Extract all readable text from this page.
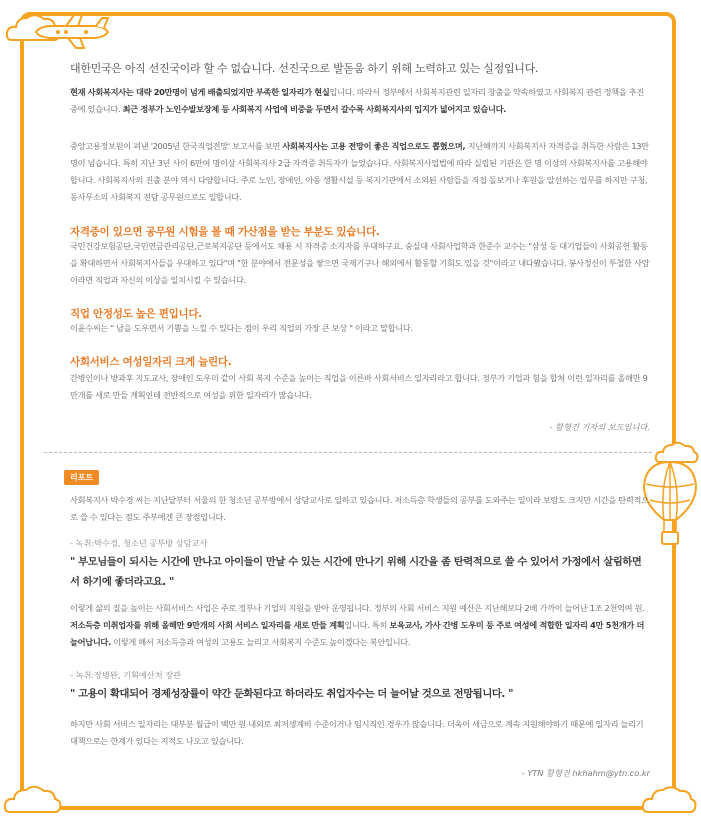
대한민국은 아직 선진국이라 할 수 없습니다. 선진국으로 발돋움 하기 위해 노력하고 있는 실정입니다.

현재 사회복지사는 대략 20만명이 넘게 배출되었지만 부족한 일자리가 현실입니다. 따라서 정부에서 사회복지관련 일자리 창출을 약속하였고 사회복지 관련 정책을 추진중에 있습니다. 최근 정부가 노인수발보장제 등 사회복지 사업에 비중을 두면서 갈수록 사회복지사의 입지가 넓어지고 있습니다.

중앙고용정보원이 펴낸 '2005년 한국직업전망' 보고서를 보면 사회복지사는 고용 전망이 좋은 직업으로도 뽑혔으며, 지난해까지 사회복지사 자격증을 취득한 사람은 13만 명이 넘습니다. 특히 지난 3년 사이 6만여 명이상 사회복지사 2급 자격증 취득자가 늘었습니다. 사회복지사업법에 따라 실립된 기관은 한 명 이상의 사회복지사를 고용해야 합니다. 사회복지사의 진출 분야 역시 다양합니다. 주로 노인, 장애인, 아동 생활시설 등 복지기관에서 소외된 사람들을 직접 돌보거나 후원을 알선하는 업무를 하지만 구청, 동사무소의 사회복지 전담 공무원으로도 일합니다.

자격증이 있으면 공무원 시험을 볼 때 가산점을 받는 부분도 있습니다.

국민건강보험공단,국민연금관리공단,근로복지공단 등에서도 채용 시 자격증 소지자를 우대하구요. 숭실대 사회사업학과 한준수 교수는 "삼성 등 대기업들이 사회공헌 활동을 확대하면서 사회복지사들을 우대하고 있다"며 "한 분야에서 전문성을 쌓으면 국제기구나 해외에서 활동할 기회도 있을 것"이라고 내다봤습니다. 봉사정신이 투철한 사람이라면 직업과 자신의 이상을 일치시킬 수 있습니다.

직업 안정성도 높은 편입니다.

이윤수씨는 " 남을 도우면서 기쁨을 느낄 수 있다는 점이 우리 직업의 가장 큰 보상 " 이라고 말합니다.

사회서비스 여성일자리 크게 늘린다.

간병인이나 방과후 지도교사, 장애인 도우미 같이 사회 복지 수준을 높이는 직업을 이른바 사회서비스 일자리라고 합니다. 정부가 기업과 힘을 합쳐 이런 일자리를 올해만 9만개를 새로 만들 계획인데 전반적으로 여성을 위한 일자리가 많습니다.

- 함형건 기자의 보도입니다.

리포트

사회복지사 박수경 씨는 지난달부터 서울의 한 청소년 공부방에서 상담교사로 일하고 있습니다. 저소득층 학생들의 공부를 도와주는 일이라 보람도 크지만 시간을 탄력적으로 쓸 수 있다는 점도 주부에겐 큰 장점입니다.

- 녹취:박수경, 청소년 공부방 상담교사

" 부모님들이 되시는 시간에 만나고 아이들이 만날 수 있는 시간에 만나기 위해 시간을 좀 탄력적으로 쓸 수 있어서 가정에서 살림하면서 하기에 좋더라고요. "

이렇게 삶의 질을 높이는 사회서비스 사업은 주로 정부나 기업의 지원을 받아 운영됩니다. 정부의 사회 서비스 지원 예산은 지난해보다 2배 가까이 늘어난 1조 2천억여 원. 저소득층 미취업자를 위해 올해만 9만개의 사회 서비스 일자리를 새로 만들 계획입니다. 특히 보육교사, 가사 간병 도우미 등 주로 여성에 적합한 일자리 4만 5천개가 더 늘어납니다. 이렇게 해서 저소득층과 여성의 고용도 늘리고 사회복지 수준도 높이겠다는 복안입니다.

- 녹취:장병완, 기획예산처 장관

" 고용이 확대되어 경제성장률이 약간 둔화된다고 하더라도 취업자수는 더 늘어날 것으로 전망됩니다. "

하지만 사회 서비스 일자리는 대부분 월급이 백만 원 내외로 최저생계비 수준이거나 임시직인 경우가 많습니다. 더욱이 세금으로 계속 지원해야하기 때문에 일자리 늘리기 대책으로는 한계가 있다는 지적도 나오고 있습니다.

- YTN 함형건 hkhahm@ytn.co.kr
